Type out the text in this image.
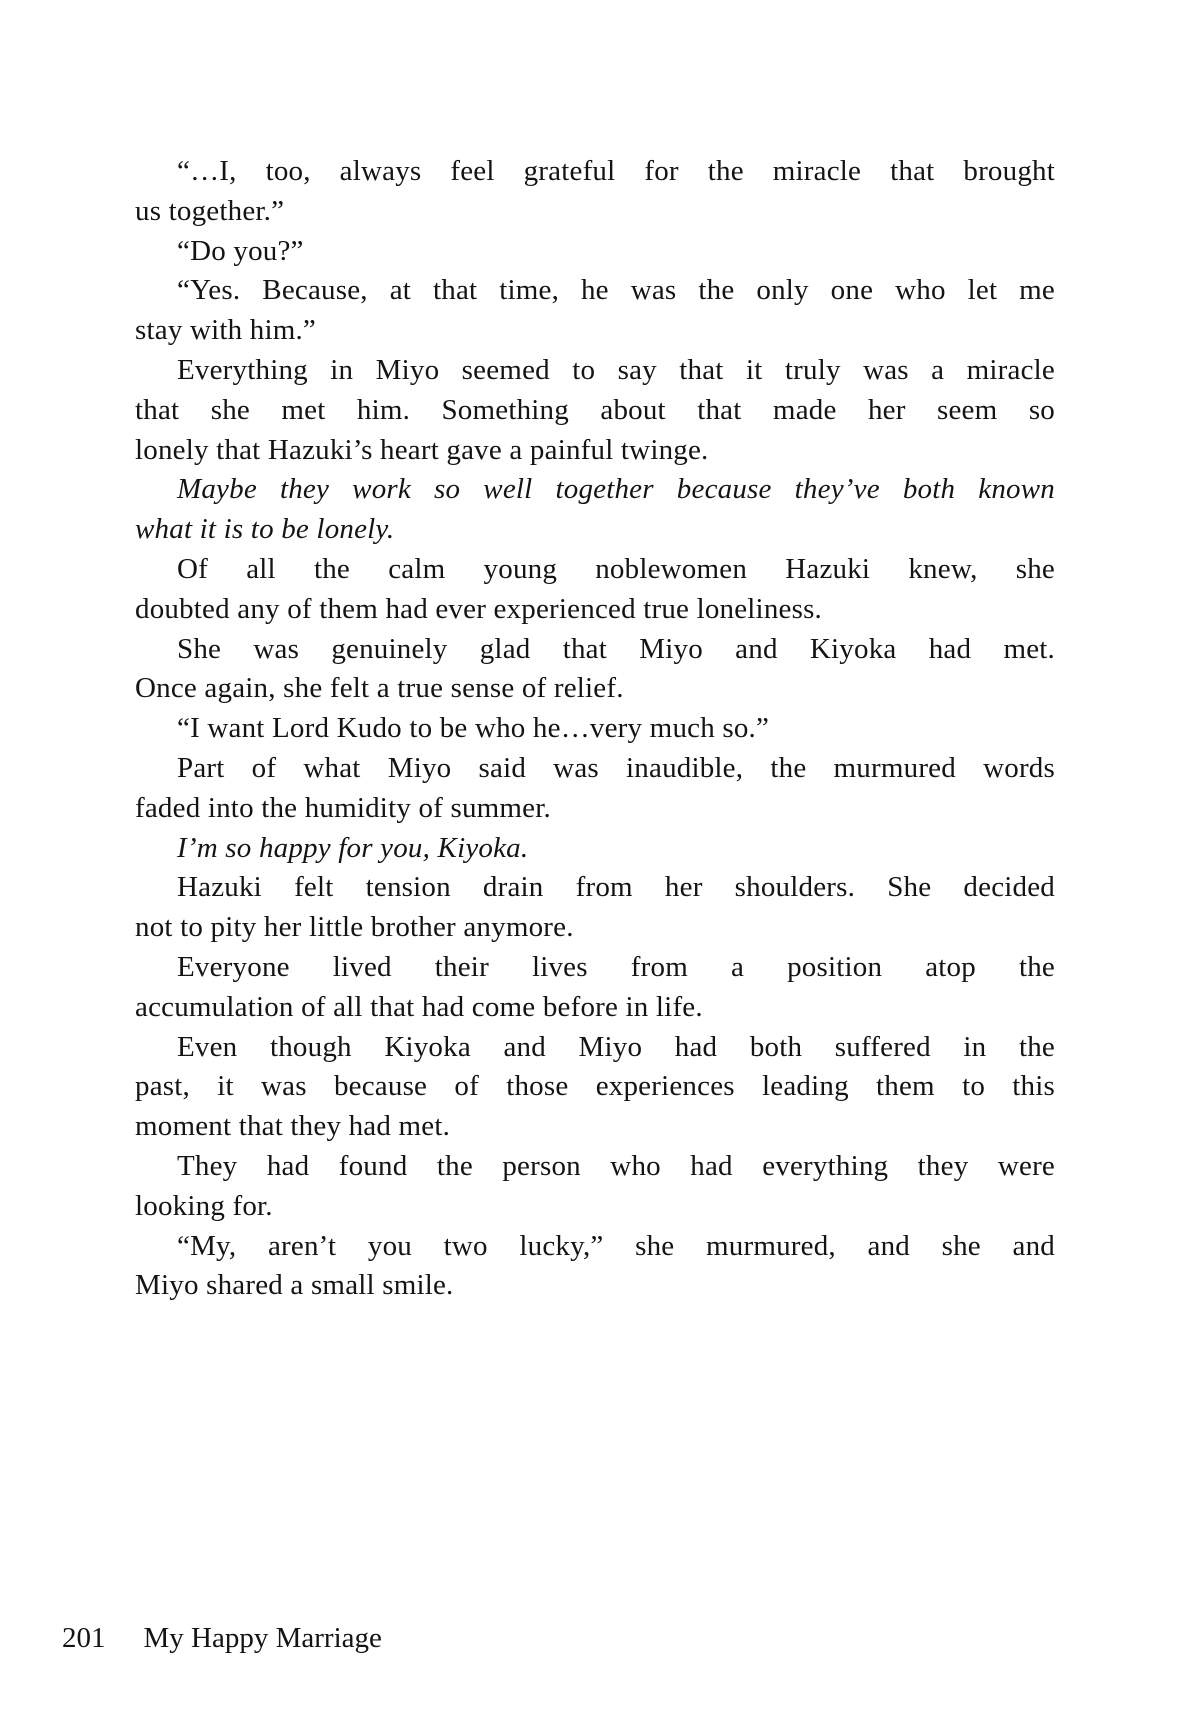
“…I, too, always feel grateful for the miracle that brought
us together.”
“Do you?”
“Yes. Because, at that time, he was the only one who let me
stay with him.”
Everything in Miyo seemed to say that it truly was a miracle
that she met him. Something about that made her seem so
lonely that Hazuki’s heart gave a painful twinge.
Maybe they work so well together because they’ve both known
what it is to be lonely.
Of all the calm young noblewomen Hazuki knew, she
doubted any of them had ever experienced true loneliness.
She was genuinely glad that Miyo and Kiyoka had met.
Once again, she felt a true sense of relief.
“I want Lord Kudo to be who he…very much so.”
Part of what Miyo said was inaudible, the murmured words
faded into the humidity of summer.
I’m so happy for you, Kiyoka.
Hazuki felt tension drain from her shoulders. She decided
not to pity her little brother anymore.
Everyone lived their lives from a position atop the
accumulation of all that had come before in life.
Even though Kiyoka and Miyo had both suffered in the
past, it was because of those experiences leading them to this
moment that they had met.
They had found the person who had everything they were
looking for.
“My, aren’t you two lucky,” she murmured, and she and
Miyo shared a small smile.
201 My Happy Marriage
